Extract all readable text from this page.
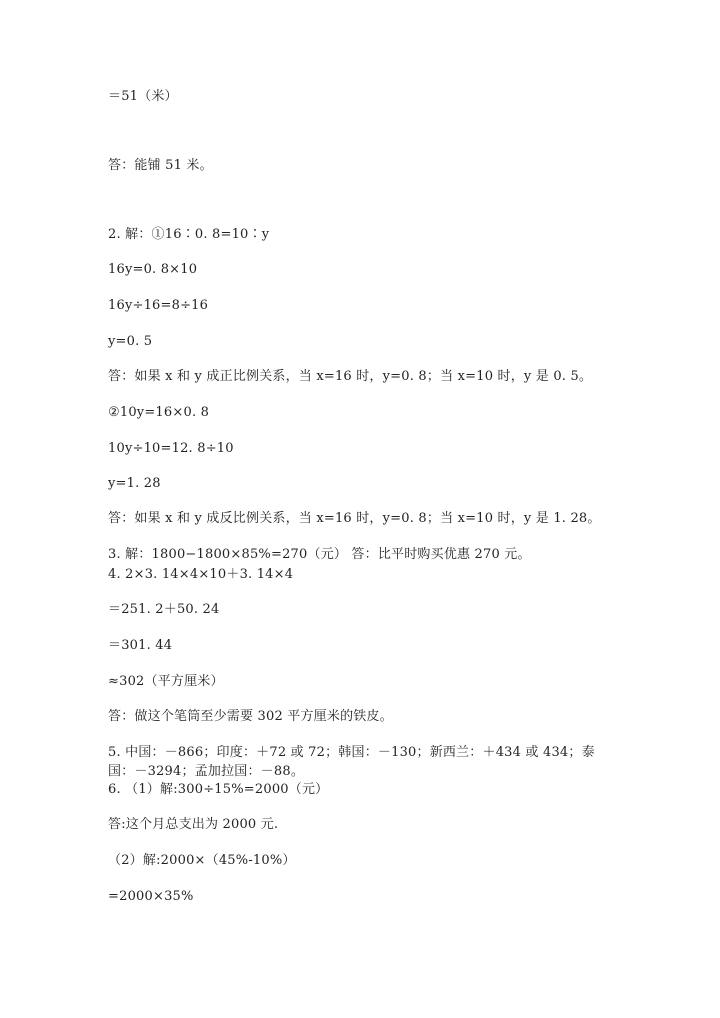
＝51（米）
答：能铺 51 米。
2. 解：①16∶0. 8=10∶y
16y=0. 8×10
16y÷16=8÷16
y=0. 5
答：如果 x 和 y 成正比例关系，当 x=16 时，y=0. 8；当 x=10 时，y 是 0. 5。
②10y=16×0. 8
10y÷10=12. 8÷10
y=1. 28
答：如果 x 和 y 成反比例关系，当 x=16 时，y=0. 8；当 x=10 时，y 是 1. 28。
3. 解：1800−1800×85%=270（元） 答：比平时购买优惠 270 元。
4. 2×3. 14×4×10＋3. 14×4
＝251. 2＋50. 24
＝301. 44
≈302（平方厘米）
答：做这个笔筒至少需要 302 平方厘米的铁皮。
5. 中国：－866；印度：＋72 或 72；韩国：－130；新西兰：＋434 或 434；泰
国：－3294；孟加拉国：－88。
6. （1）解:300÷15%=2000（元）
答:这个月总支出为 2000 元.
（2）解:2000×（45%-10%）
=2000×35%
